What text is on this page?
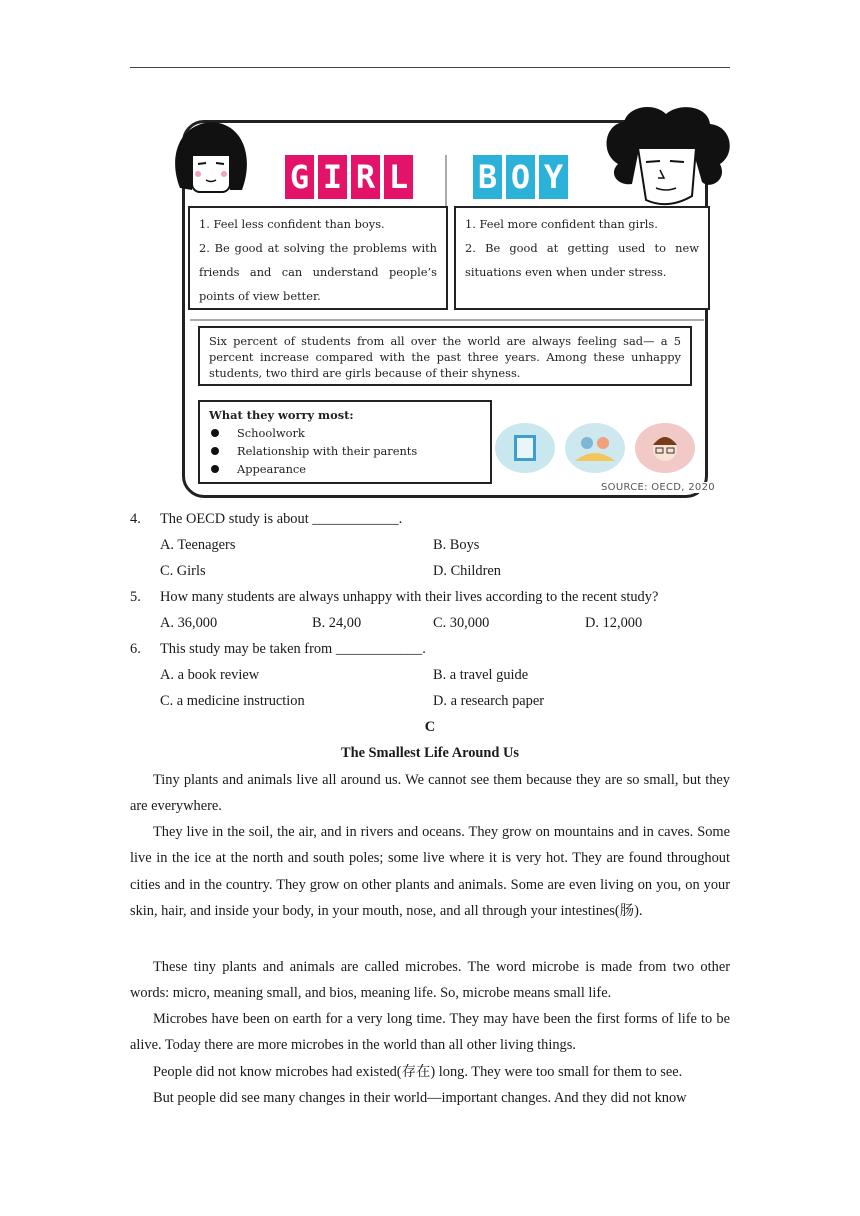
G I R L B O Y

1. Feel less confident than boys.

2. Be good at solving the problems with friends and can understand people’s points of view better.

1. Feel more confident than girls.

2. Be good at getting used to new situations even when under stress.

Six percent of students from all over the world are always feeling sad— a 5 percent increase compared with the past three years. Among these unhappy students, two third are girls because of their shyness.

What they worry most:
Schoolwork
Relationship with their parents
Appearance
SOURCE: OECD, 2020
4. The OECD study is about ____________.
A. Teenagers	B. Boys
C. Girls	D. Children
5. How many students are always unhappy with their lives according to the recent study?
A. 36,000	B. 24,00	C. 30,000	D. 12,000
6. This study may be taken from ____________.
A. a book review	B. a travel guide
C. a medicine instruction	D. a research paper
C
The Smallest Life Around Us
Tiny plants and animals live all around us. We cannot see them because they are so small, but they are everywhere.
They live in the soil, the air, and in rivers and oceans. They grow on mountains and in caves. Some live in the ice at the north and south poles; some live where it is very hot. They are found throughout cities and in the country. They grow on other plants and animals. Some are even living on you, on your skin, hair, and inside your body, in your mouth, nose, and all through your intestines(肠).
These tiny plants and animals are called microbes. The word microbe is made from two other words: micro, meaning small, and bios, meaning life. So, microbe means small life.
Microbes have been on earth for a very long time. They may have been the first forms of life to be alive. Today there are more microbes in the world than all other living things.
People did not know microbes had existed(存在) long. They were too small for them to see.
But people did see many changes in their world—important changes. And they did not know
